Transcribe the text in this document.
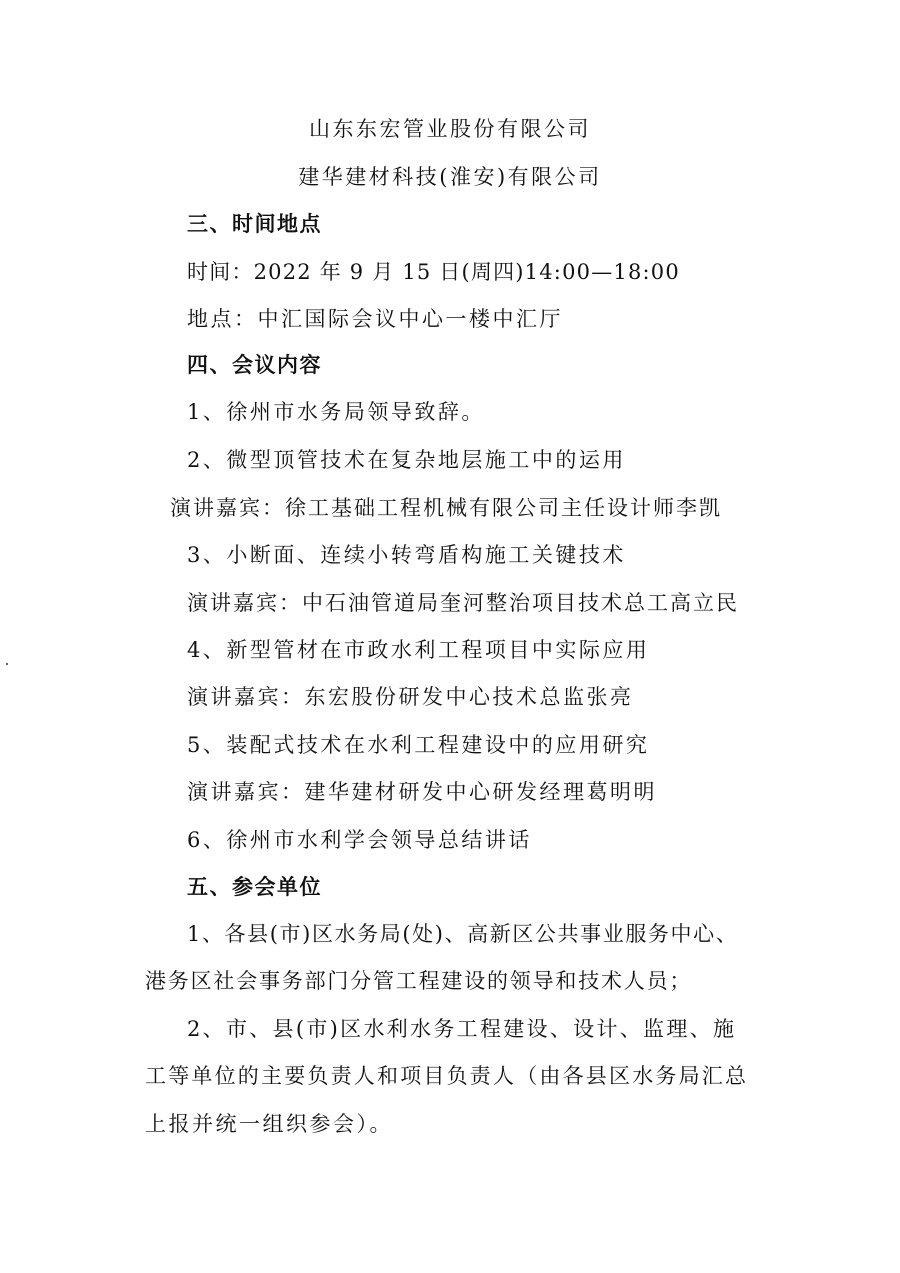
山东东宏管业股份有限公司
建华建材科技(淮安)有限公司
三、时间地点
时间：2022 年 9 月 15 日(周四)14:00—18:00
地点：中汇国际会议中心一楼中汇厅
四、会议内容
1、徐州市水务局领导致辞。
2、微型顶管技术在复杂地层施工中的运用
演讲嘉宾：徐工基础工程机械有限公司主任设计师李凯
3、小断面、连续小转弯盾构施工关键技术
演讲嘉宾：中石油管道局奎河整治项目技术总工高立民
4、新型管材在市政水利工程项目中实际应用
演讲嘉宾：东宏股份研发中心技术总监张亮
5、装配式技术在水利工程建设中的应用研究
演讲嘉宾：建华建材研发中心研发经理葛明明
6、徐州市水利学会领导总结讲话
五、参会单位
1、各县(市)区水务局(处)、高新区公共事业服务中心、
港务区社会事务部门分管工程建设的领导和技术人员；
2、市、县(市)区水利水务工程建设、设计、监理、施
工等单位的主要负责人和项目负责人（由各县区水务局汇总
上报并统一组织参会）。
